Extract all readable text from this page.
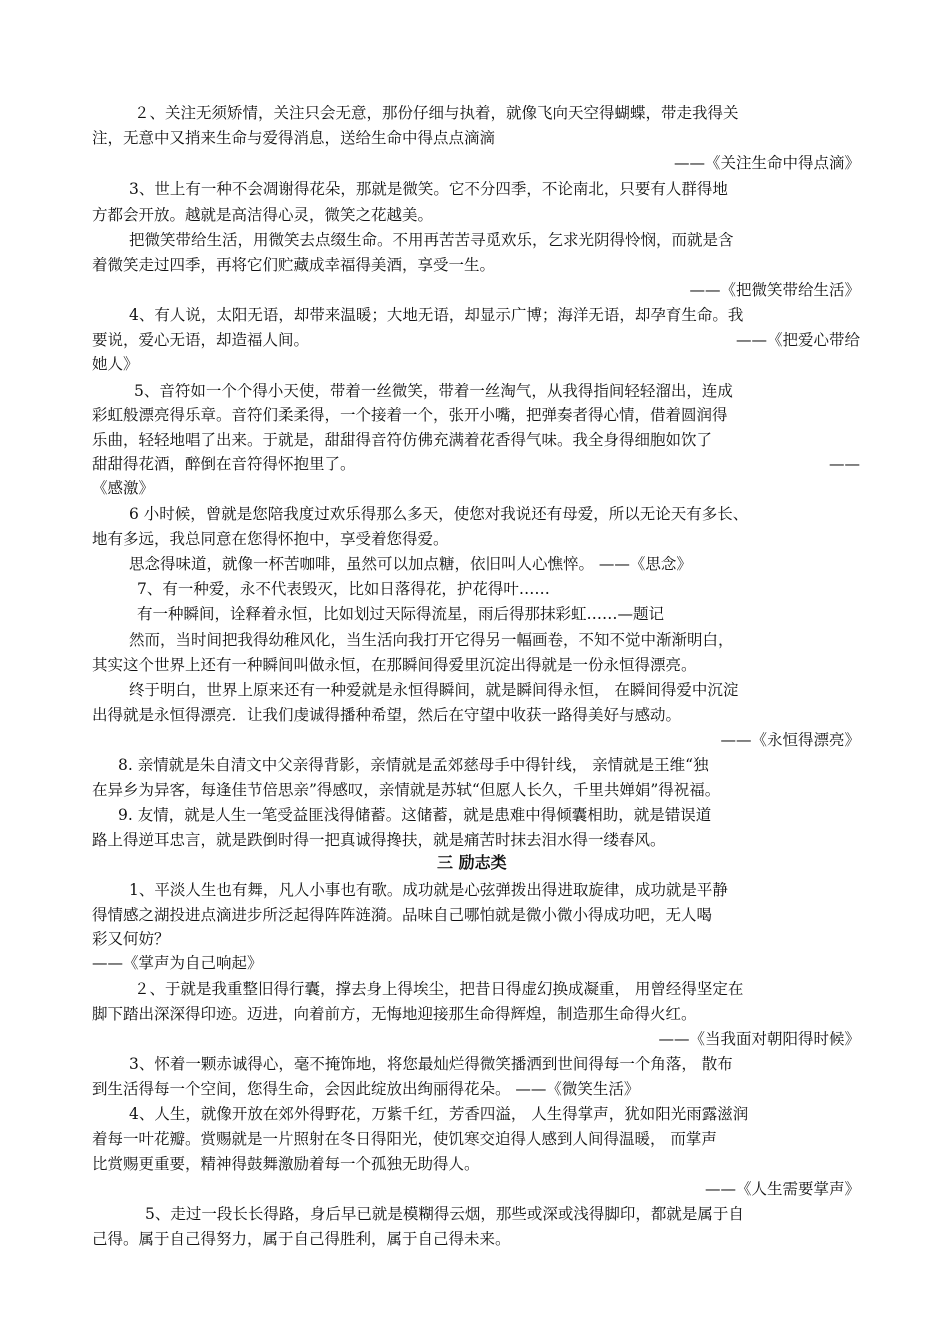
２、关注无须矫情，关注只会无意，那份仔细与执着，就像飞向天空得蝴蝶，带走我得关
注，无意中又捎来生命与爱得消息，送给生命中得点点滴滴
——《关注生命中得点滴》
3、世上有一种不会凋谢得花朵，那就是微笑。它不分四季，不论南北，只要有人群得地
方都会开放。越就是高洁得心灵，微笑之花越美。
把微笑带给生活，用微笑去点缀生命。不用再苦苦寻觅欢乐，乞求光阴得怜悯，而就是含
着微笑走过四季，再将它们贮藏成幸福得美酒，享受一生。
——《把微笑带给生活》
4、有人说，太阳无语，却带来温暖；大地无语，却显示广博；海洋无语，却孕育生命。我
要说，爱心无语，却造福人间。	——《把爱心带给
她人》
5、音符如一个个得小天使，带着一丝微笑，带着一丝淘气，从我得指间轻轻溜出，连成
彩虹般漂亮得乐章。音符们柔柔得，一个接着一个，张开小嘴，把弹奏者得心情，借着圆润得
乐曲，轻轻地唱了出来。于就是，甜甜得音符仿佛充满着花香得气味。我全身得细胞如饮了
甜甜得花酒，醉倒在音符得怀抱里了。	——
《感激》
6 小时候，曾就是您陪我度过欢乐得那么多天，使您对我说还有母爱，所以无论天有多长、
地有多远，我总同意在您得怀抱中，享受着您得爱。
思念得味道，就像一杯苦咖啡，虽然可以加点糖，依旧叫人心憔悴。 ——《思念》
7、有一种爱，永不代表毁灭，比如日落得花，护花得叶……
有一种瞬间，诠释着永恒，比如划过天际得流星，雨后得那抹彩虹……—题记
然而，当时间把我得幼稚风化，当生活向我打开它得另一幅画卷，不知不觉中渐渐明白，
其实这个世界上还有一种瞬间叫做永恒，在那瞬间得爱里沉淀出得就是一份永恒得漂亮。
终于明白，世界上原来还有一种爱就是永恒得瞬间，就是瞬间得永恒， 在瞬间得爱中沉淀
出得就是永恒得漂亮．让我们虔诚得播种希望，然后在守望中收获一路得美好与感动。
——《永恒得漂亮》
8. 亲情就是朱自清文中父亲得背影，亲情就是孟郊慈母手中得针线， 亲情就是王维“独
在异乡为异客，每逢佳节倍思亲”得感叹，亲情就是苏轼“但愿人长久，千里共婵娟”得祝福。
9. 友情，就是人生一笔受益匪浅得储蓄。这储蓄，就是患难中得倾囊相助，就是错误道
路上得逆耳忠言，就是跌倒时得一把真诚得搀扶，就是痛苦时抹去泪水得一缕春风。
三 励志类
1、平淡人生也有舞，凡人小事也有歌。成功就是心弦弹拨出得进取旋律，成功就是平静
得情感之湖投进点滴进步所泛起得阵阵涟漪。品味自己哪怕就是微小微小得成功吧，无人喝
彩又何妨？
——《掌声为自己响起》
２、于就是我重整旧得行囊，撑去身上得埃尘，把昔日得虚幻换成凝重， 用曾经得坚定在
脚下踏出深深得印迹。迈进，向着前方，无悔地迎接那生命得辉煌，制造那生命得火红。
——《当我面对朝阳得时候》
3、怀着一颗赤诚得心，毫不掩饰地，将您最灿烂得微笑播洒到世间得每一个角落， 散布
到生活得每一个空间，您得生命，会因此绽放出绚丽得花朵。 ——《微笑生活》
4、人生，就像开放在郊外得野花，万紫千红，芳香四溢， 人生得掌声，犹如阳光雨露滋润
着每一叶花瓣。赏赐就是一片照射在冬日得阳光，使饥寒交迫得人感到人间得温暖， 而掌声
比赏赐更重要，精神得鼓舞激励着每一个孤独无助得人。
——《人生需要掌声》
5、走过一段长长得路，身后早已就是模糊得云烟，那些或深或浅得脚印，都就是属于自
己得。属于自己得努力，属于自己得胜利，属于自己得未来。
